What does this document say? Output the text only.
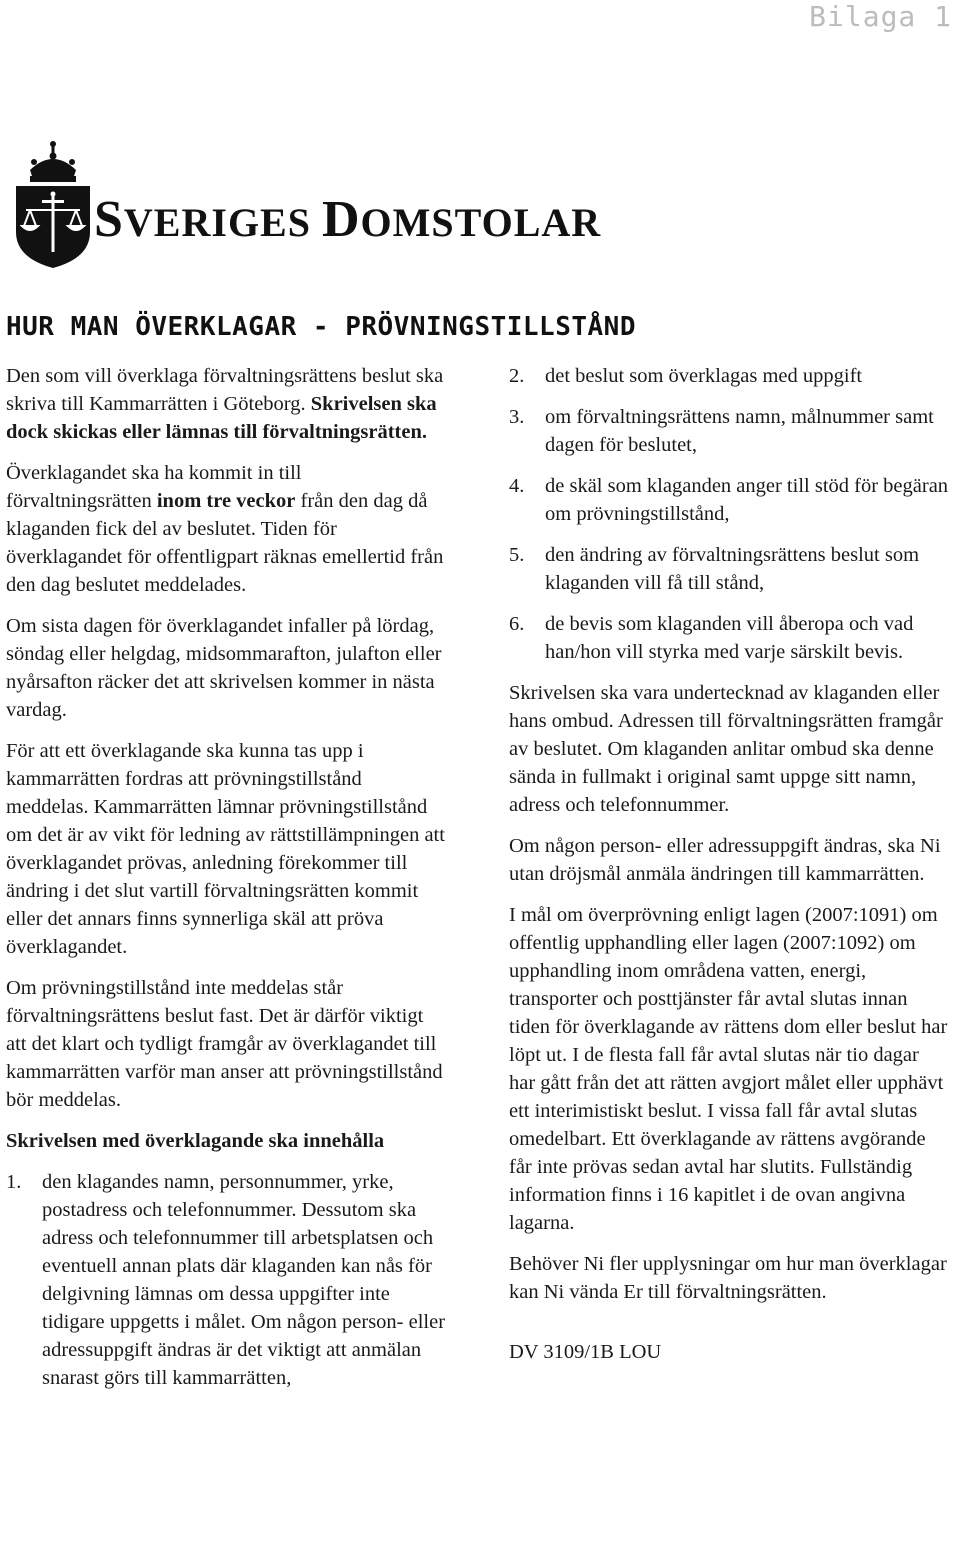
Bilaga 1
SVERIGES DOMSTOLAR
HUR MAN ÖVERKLAGAR - PRÖVNINGSTILLSTÅND

Den som vill överklaga förvaltningsrättens beslut ska skriva till Kammarrätten i Göteborg. Skrivelsen ska dock skickas eller lämnas till förvaltningsrätten.

Överklagandet ska ha kommit in till förvaltningsrätten inom tre veckor från den dag då klaganden fick del av beslutet. Tiden för överklagandet för offentligpart räknas emellertid från den dag beslutet meddelades.

Om sista dagen för överklagandet infaller på lördag, söndag eller helgdag, midsommarafton, julafton eller nyårsafton räcker det att skrivelsen kommer in nästa vardag.

För att ett överklagande ska kunna tas upp i kammarrätten fordras att prövningstillstånd meddelas. Kammarrätten lämnar prövningstillstånd om det är av vikt för ledning av rättstillämpningen att överklagandet prövas, anledning förekommer till ändring i det slut vartill förvaltningsrätten kommit eller det annars finns synnerliga skäl att pröva överklagandet.

Om prövningstillstånd inte meddelas står förvaltningsrättens beslut fast. Det är därför viktigt att det klart och tydligt framgår av överklagandet till kammarrätten varför man anser att prövningstillstånd bör meddelas.

Skrivelsen med överklagande ska innehålla
1. den klagandes namn, personnummer, yrke, postadress och telefonnummer. Dessutom ska adress och telefonnummer till arbetsplatsen och eventuell annan plats där klaganden kan nås för delgivning lämnas om dessa uppgifter inte tidigare uppgetts i målet. Om någon person- eller adressuppgift ändras är det viktigt att anmälan snarast görs till kammarrätten,
2. det beslut som överklagas med uppgift
3. om förvaltningsrättens namn, målnummer samt dagen för beslutet,
4. de skäl som klaganden anger till stöd för begäran om prövningstillstånd,
5. den ändring av förvaltningsrättens beslut som klaganden vill få till stånd,
6. de bevis som klaganden vill åberopa och vad han/hon vill styrka med varje särskilt bevis.

Skrivelsen ska vara undertecknad av klaganden eller hans ombud. Adressen till förvaltningsrätten framgår av beslutet. Om klaganden anlitar ombud ska denne sända in fullmakt i original samt uppge sitt namn, adress och telefonnummer.

Om någon person- eller adressuppgift ändras, ska Ni utan dröjsmål anmäla ändringen till kammarrätten.

I mål om överprövning enligt lagen (2007:1091) om offentlig upphandling eller lagen (2007:1092) om upphandling inom områdena vatten, energi, transporter och posttjänster får avtal slutas innan tiden för överklagande av rättens dom eller beslut har löpt ut. I de flesta fall får avtal slutas när tio dagar har gått från det att rätten avgjort målet eller upphävt ett interimistiskt beslut. I vissa fall får avtal slutas omedelbart. Ett överklagande av rättens avgörande får inte prövas sedan avtal har slutits. Fullständig information finns i 16 kapitlet i de ovan angivna lagarna.

Behöver Ni fler upplysningar om hur man överklagar kan Ni vända Er till förvaltningsrätten.

DV 3109/1B LOU
